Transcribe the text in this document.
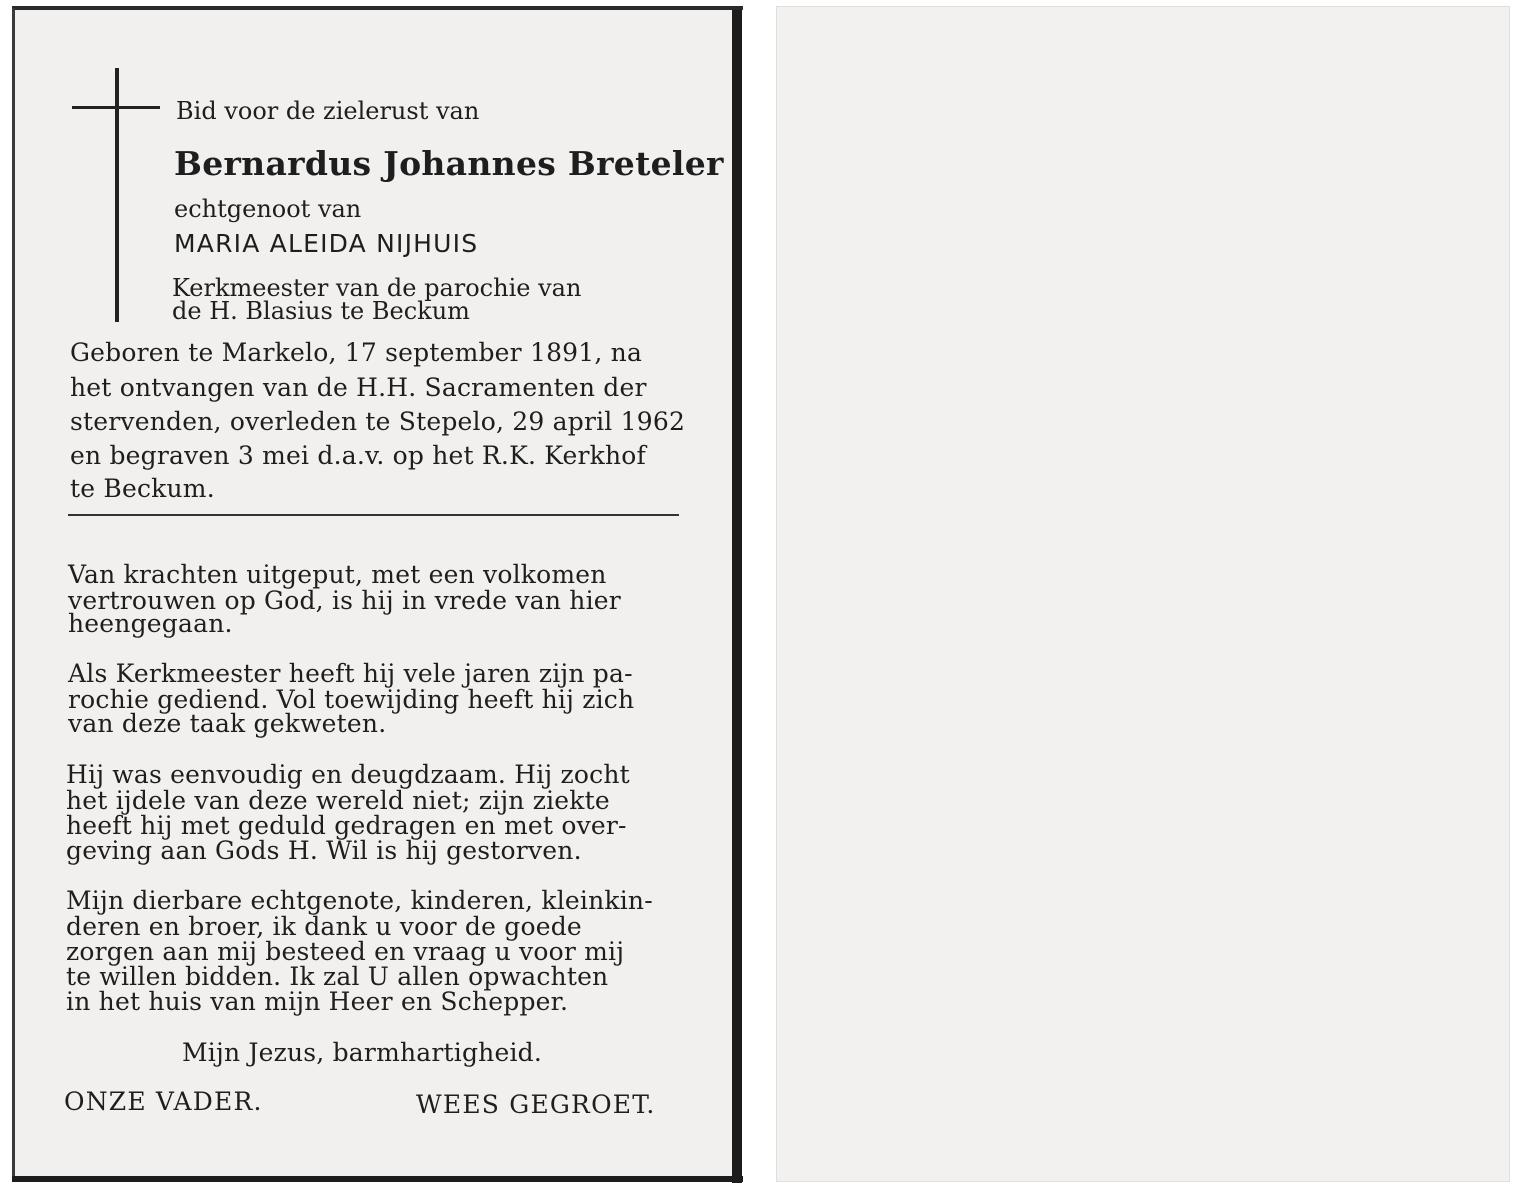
Bid voor de zielerust van
Bernardus Johannes Breteler
echtgenoot van
MARIA ALEIDA NIJHUIS
Kerkmeester van de parochie van
de H. Blasius te Beckum
Geboren te Markelo, 17 september 1891, na
het ontvangen van de H.H. Sacramenten der
stervenden, overleden te Stepelo, 29 april 1962
en begraven 3 mei d.a.v. op het R.K. Kerkhof
te Beckum.
Van krachten uitgeput, met een volkomen
vertrouwen op God, is hij in vrede van hier
heengegaan.
Als Kerkmeester heeft hij vele jaren zijn pa-
rochie gediend. Vol toewijding heeft hij zich
van deze taak gekweten.
Hij was eenvoudig en deugdzaam. Hij zocht
het ijdele van deze wereld niet; zijn ziekte
heeft hij met geduld gedragen en met over-
geving aan Gods H. Wil is hij gestorven.
Mijn dierbare echtgenote, kinderen, kleinkin-
deren en broer, ik dank u voor de goede
zorgen aan mij besteed en vraag u voor mij
te willen bidden. Ik zal U allen opwachten
in het huis van mijn Heer en Schepper.
Mijn Jezus, barmhartigheid.
ONZE VADER.	WEES GEGROET.
